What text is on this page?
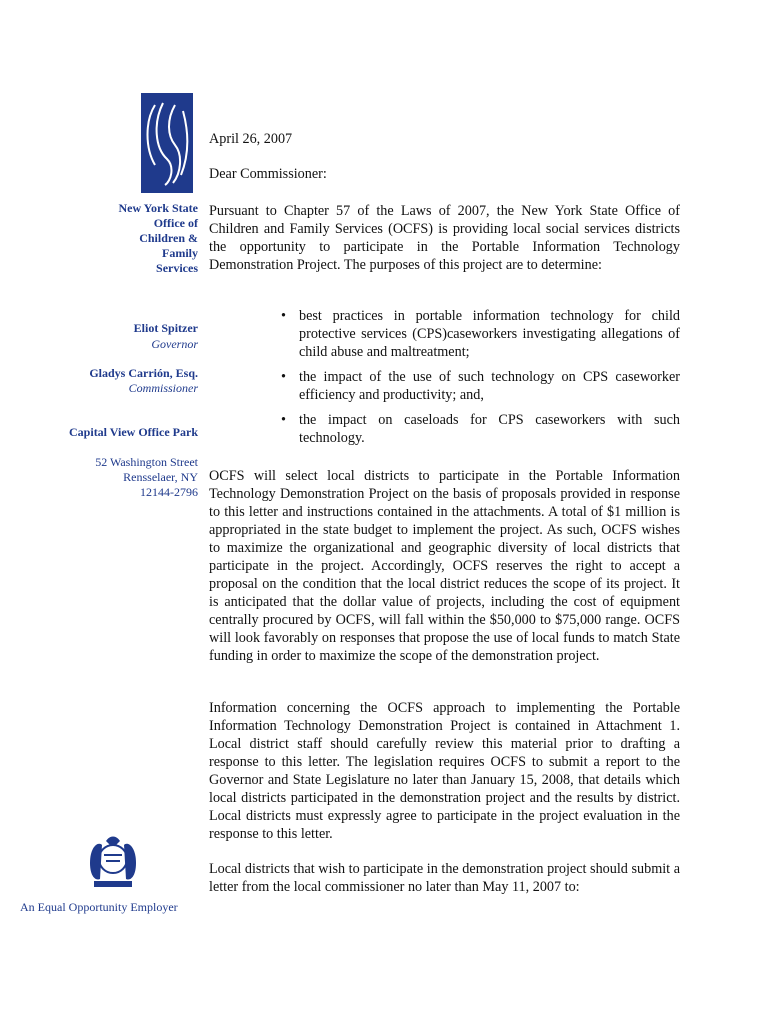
New York State
Office of
Children &
Family
Services
Eliot Spitzer
Governor
Gladys Carrión, Esq.
Commissioner
Capital View Office Park
52 Washington Street
Rensselaer, NY
12144-2796
An Equal Opportunity Employer
April 26, 2007
Dear Commissioner:
Pursuant to Chapter 57 of the Laws of 2007, the New York State Office of Children and Family Services (OCFS) is providing local social services districts the opportunity to participate in the Portable Information Technology Demonstration Project. The purposes of this project are to determine:
• best practices in portable information technology for child protective services (CPS)caseworkers investigating allegations of child abuse and maltreatment;
• the impact of the use of such technology on CPS caseworker efficiency and productivity; and,
• the impact on caseloads for CPS caseworkers with such technology.
OCFS will select local districts to participate in the Portable Information Technology Demonstration Project on the basis of proposals provided in response to this letter and instructions contained in the attachments. A total of $1 million is appropriated in the state budget to implement the project. As such, OCFS wishes to maximize the organizational and geographic diversity of local districts that participate in the project. Accordingly, OCFS reserves the right to accept a proposal on the condition that the local district reduces the scope of its project. It is anticipated that the dollar value of projects, including the cost of equipment centrally procured by OCFS, will fall within the $50,000 to $75,000 range. OCFS will look favorably on responses that propose the use of local funds to match State funding in order to maximize the scope of the demonstration project.
Information concerning the OCFS approach to implementing the Portable Information Technology Demonstration Project is contained in Attachment 1. Local district staff should carefully review this material prior to drafting a response to this letter. The legislation requires OCFS to submit a report to the Governor and State Legislature no later than January 15, 2008, that details which local districts participated in the demonstration project and the results by district. Local districts must expressly agree to participate in the project evaluation in the response to this letter.
Local districts that wish to participate in the demonstration project should submit a letter from the local commissioner no later than May 11, 2007 to:
